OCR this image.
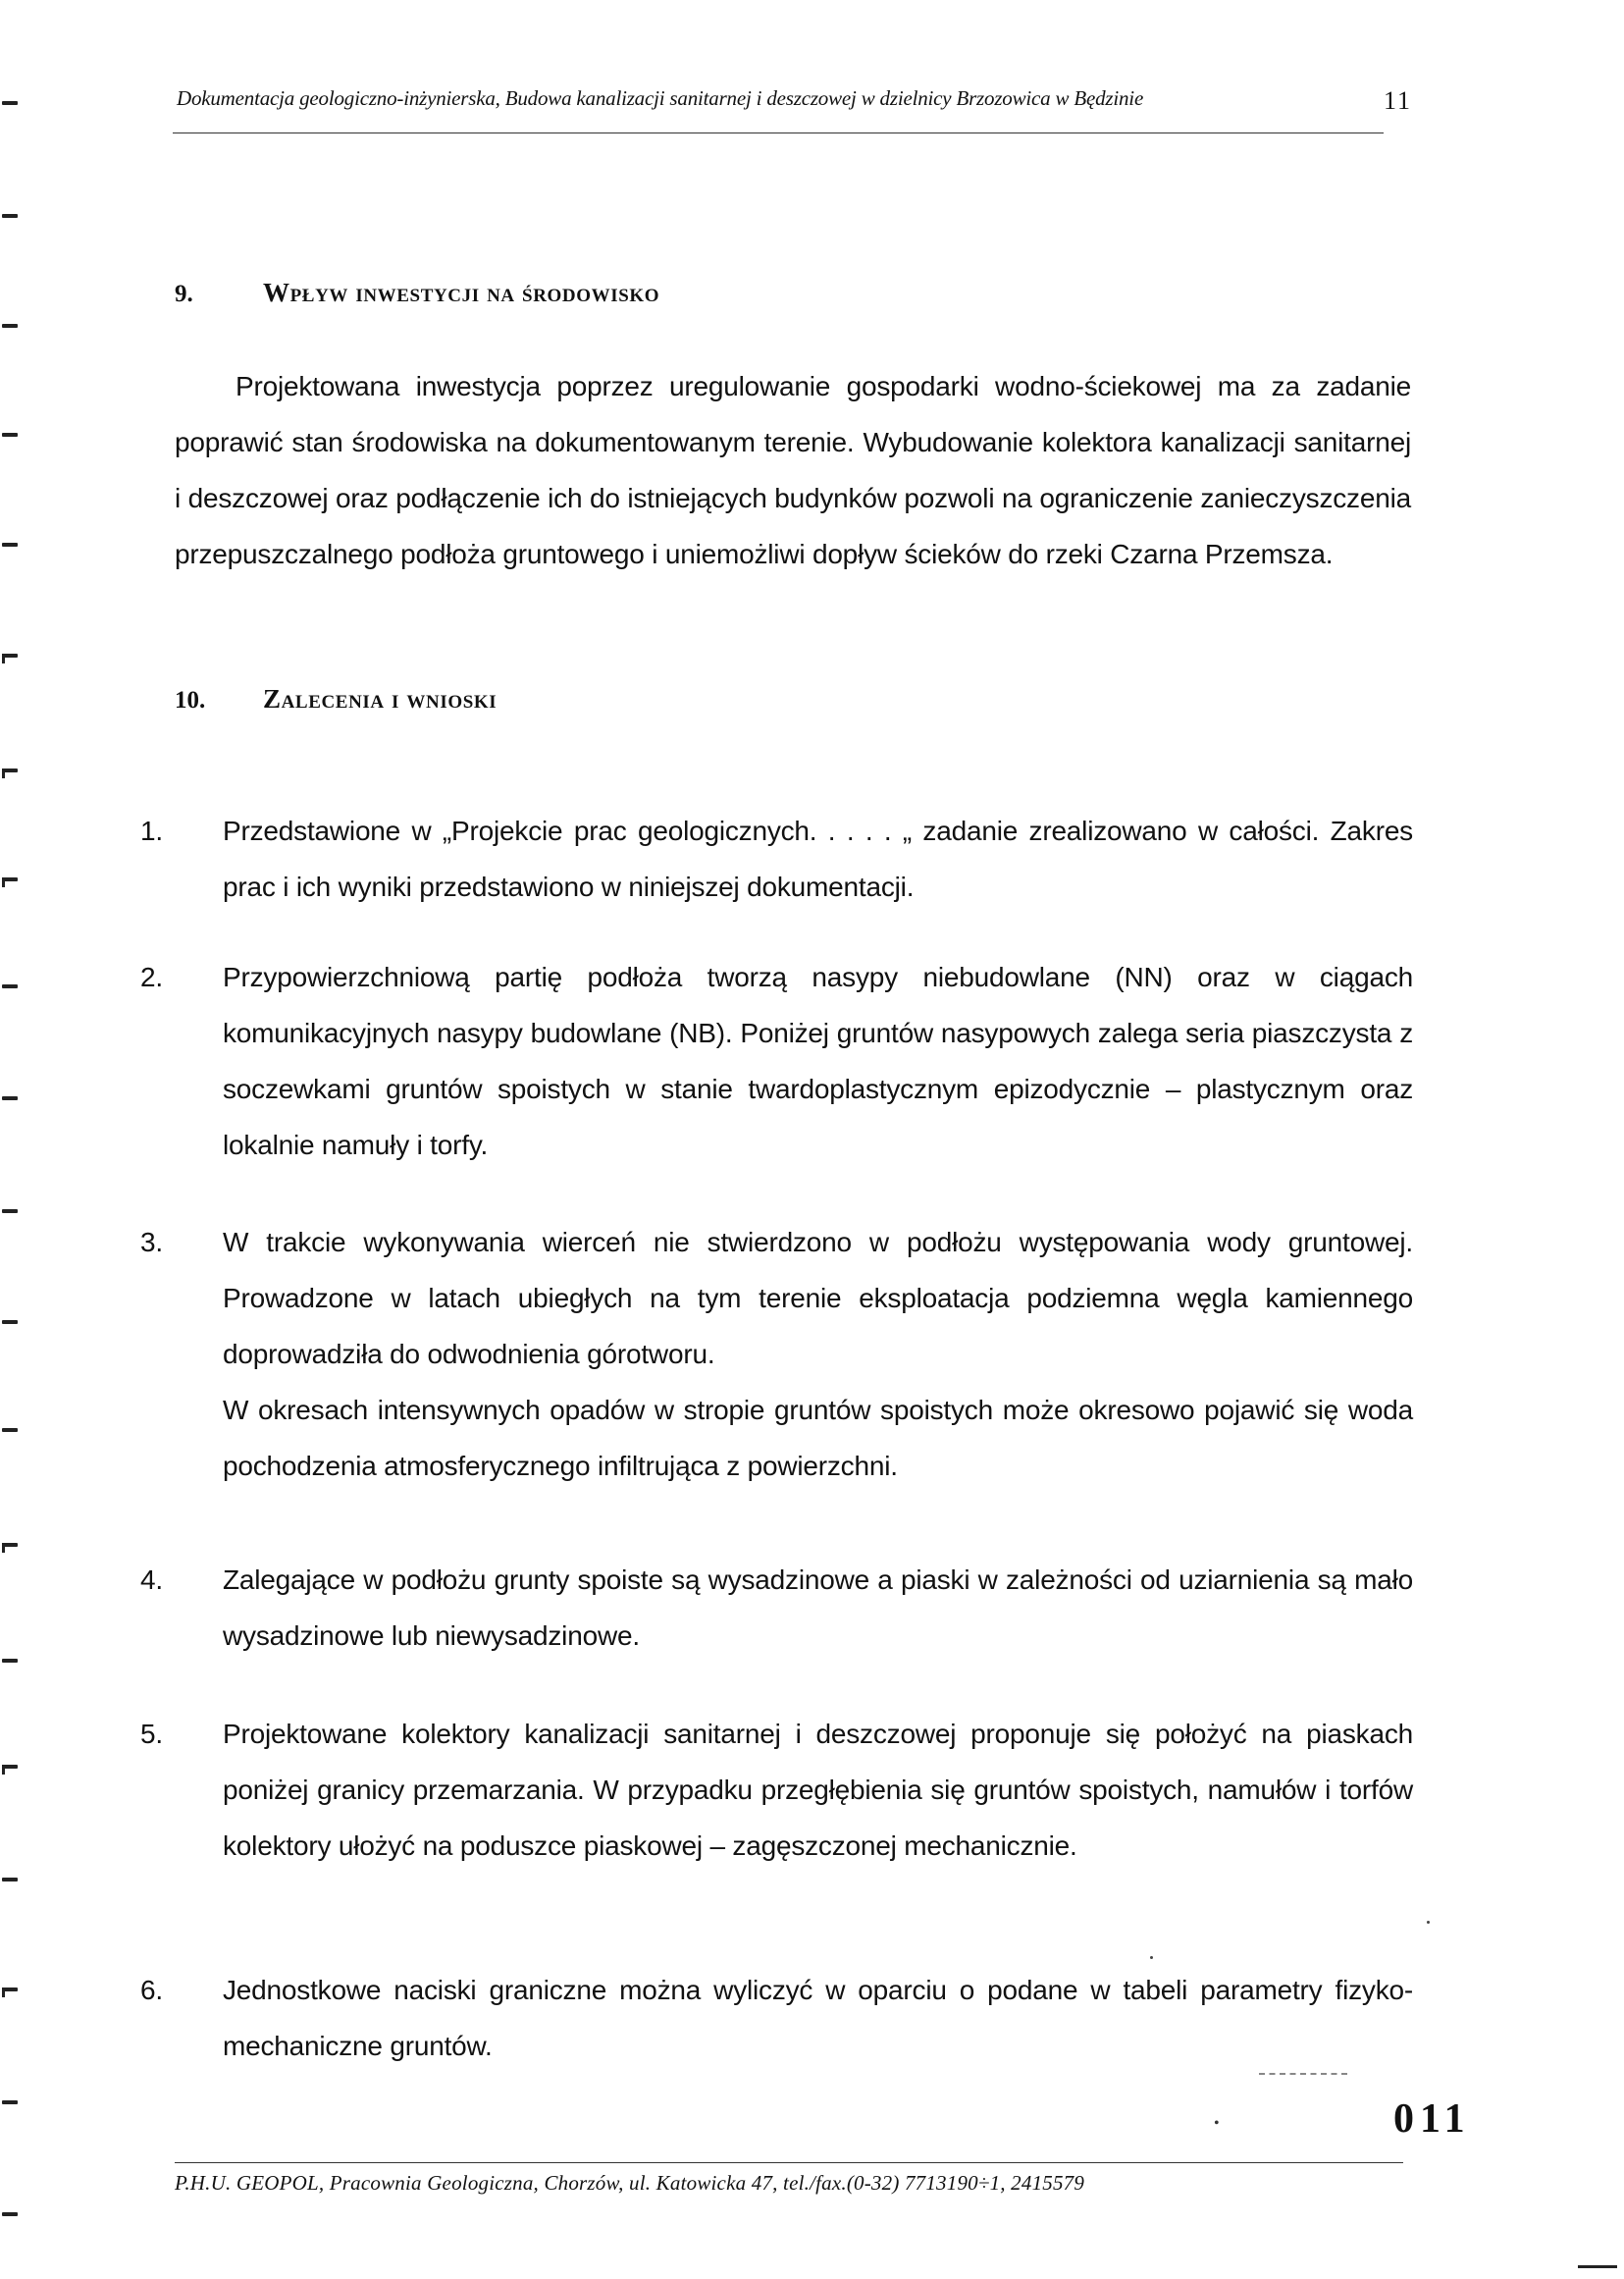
Dokumentacja geologiczno-inżynierska, Budowa kanalizacji sanitarnej i deszczowej w dzielnicy Brzozowica w Będzinie	11
9.	Wpływ inwestycji na środowisko
Projektowana inwestycja poprzez uregulowanie gospodarki wodno-ściekowej ma za zadanie poprawić stan środowiska na dokumentowanym terenie. Wybudowanie kolektora kanalizacji sanitarnej i deszczowej oraz podłączenie ich do istniejących budynków pozwoli na ograniczenie zanieczyszczenia przepuszczalnego podłoża gruntowego i uniemożliwi dopływ ścieków do rzeki Czarna Przemsza.
10.	Zalecenia i wnioski
1.	Przedstawione w „Projekcie prac geologicznych. . . . . „ zadanie zrealizowano w całości. Zakres prac i ich wyniki przedstawiono w niniejszej dokumentacji.

2.	Przypowierzchniową partię podłoża tworzą nasypy niebudowlane (NN) oraz w ciągach komunikacyjnych nasypy budowlane (NB). Poniżej gruntów nasypowych zalega seria piaszczysta z soczewkami gruntów spoistych w stanie twardoplastycznym epizodycznie – plastycznym oraz lokalnie namuły i torfy.

3.	W trakcie wykonywania wierceń nie stwierdzono w podłożu występowania wody gruntowej. Prowadzone w latach ubiegłych na tym terenie eksploatacja podziemna węgla kamiennego doprowadziła do odwodnienia górotworu.

W okresach intensywnych opadów w stropie gruntów spoistych może okresowo pojawić się woda pochodzenia atmosferycznego infiltrująca z powierzchni.

4.	Zalegające w podłożu grunty spoiste są wysadzinowe a piaski w zależności od uziarnienia są mało wysadzinowe lub niewysadzinowe.

5.	Projektowane kolektory kanalizacji sanitarnej i deszczowej proponuje się położyć na piaskach poniżej granicy przemarzania. W przypadku przegłębienia się gruntów spoistych, namułów i torfów kolektory ułożyć na poduszce piaskowej – zagęszczonej mechanicznie.

6.	Jednostkowe naciski graniczne można wyliczyć w oparciu o podane w tabeli parametry fizyko-mechaniczne gruntów.

•	011
P.H.U. GEOPOL, Pracownia Geologiczna, Chorzów, ul. Katowicka 47, tel./fax.(0-32) 7713190÷1, 2415579
